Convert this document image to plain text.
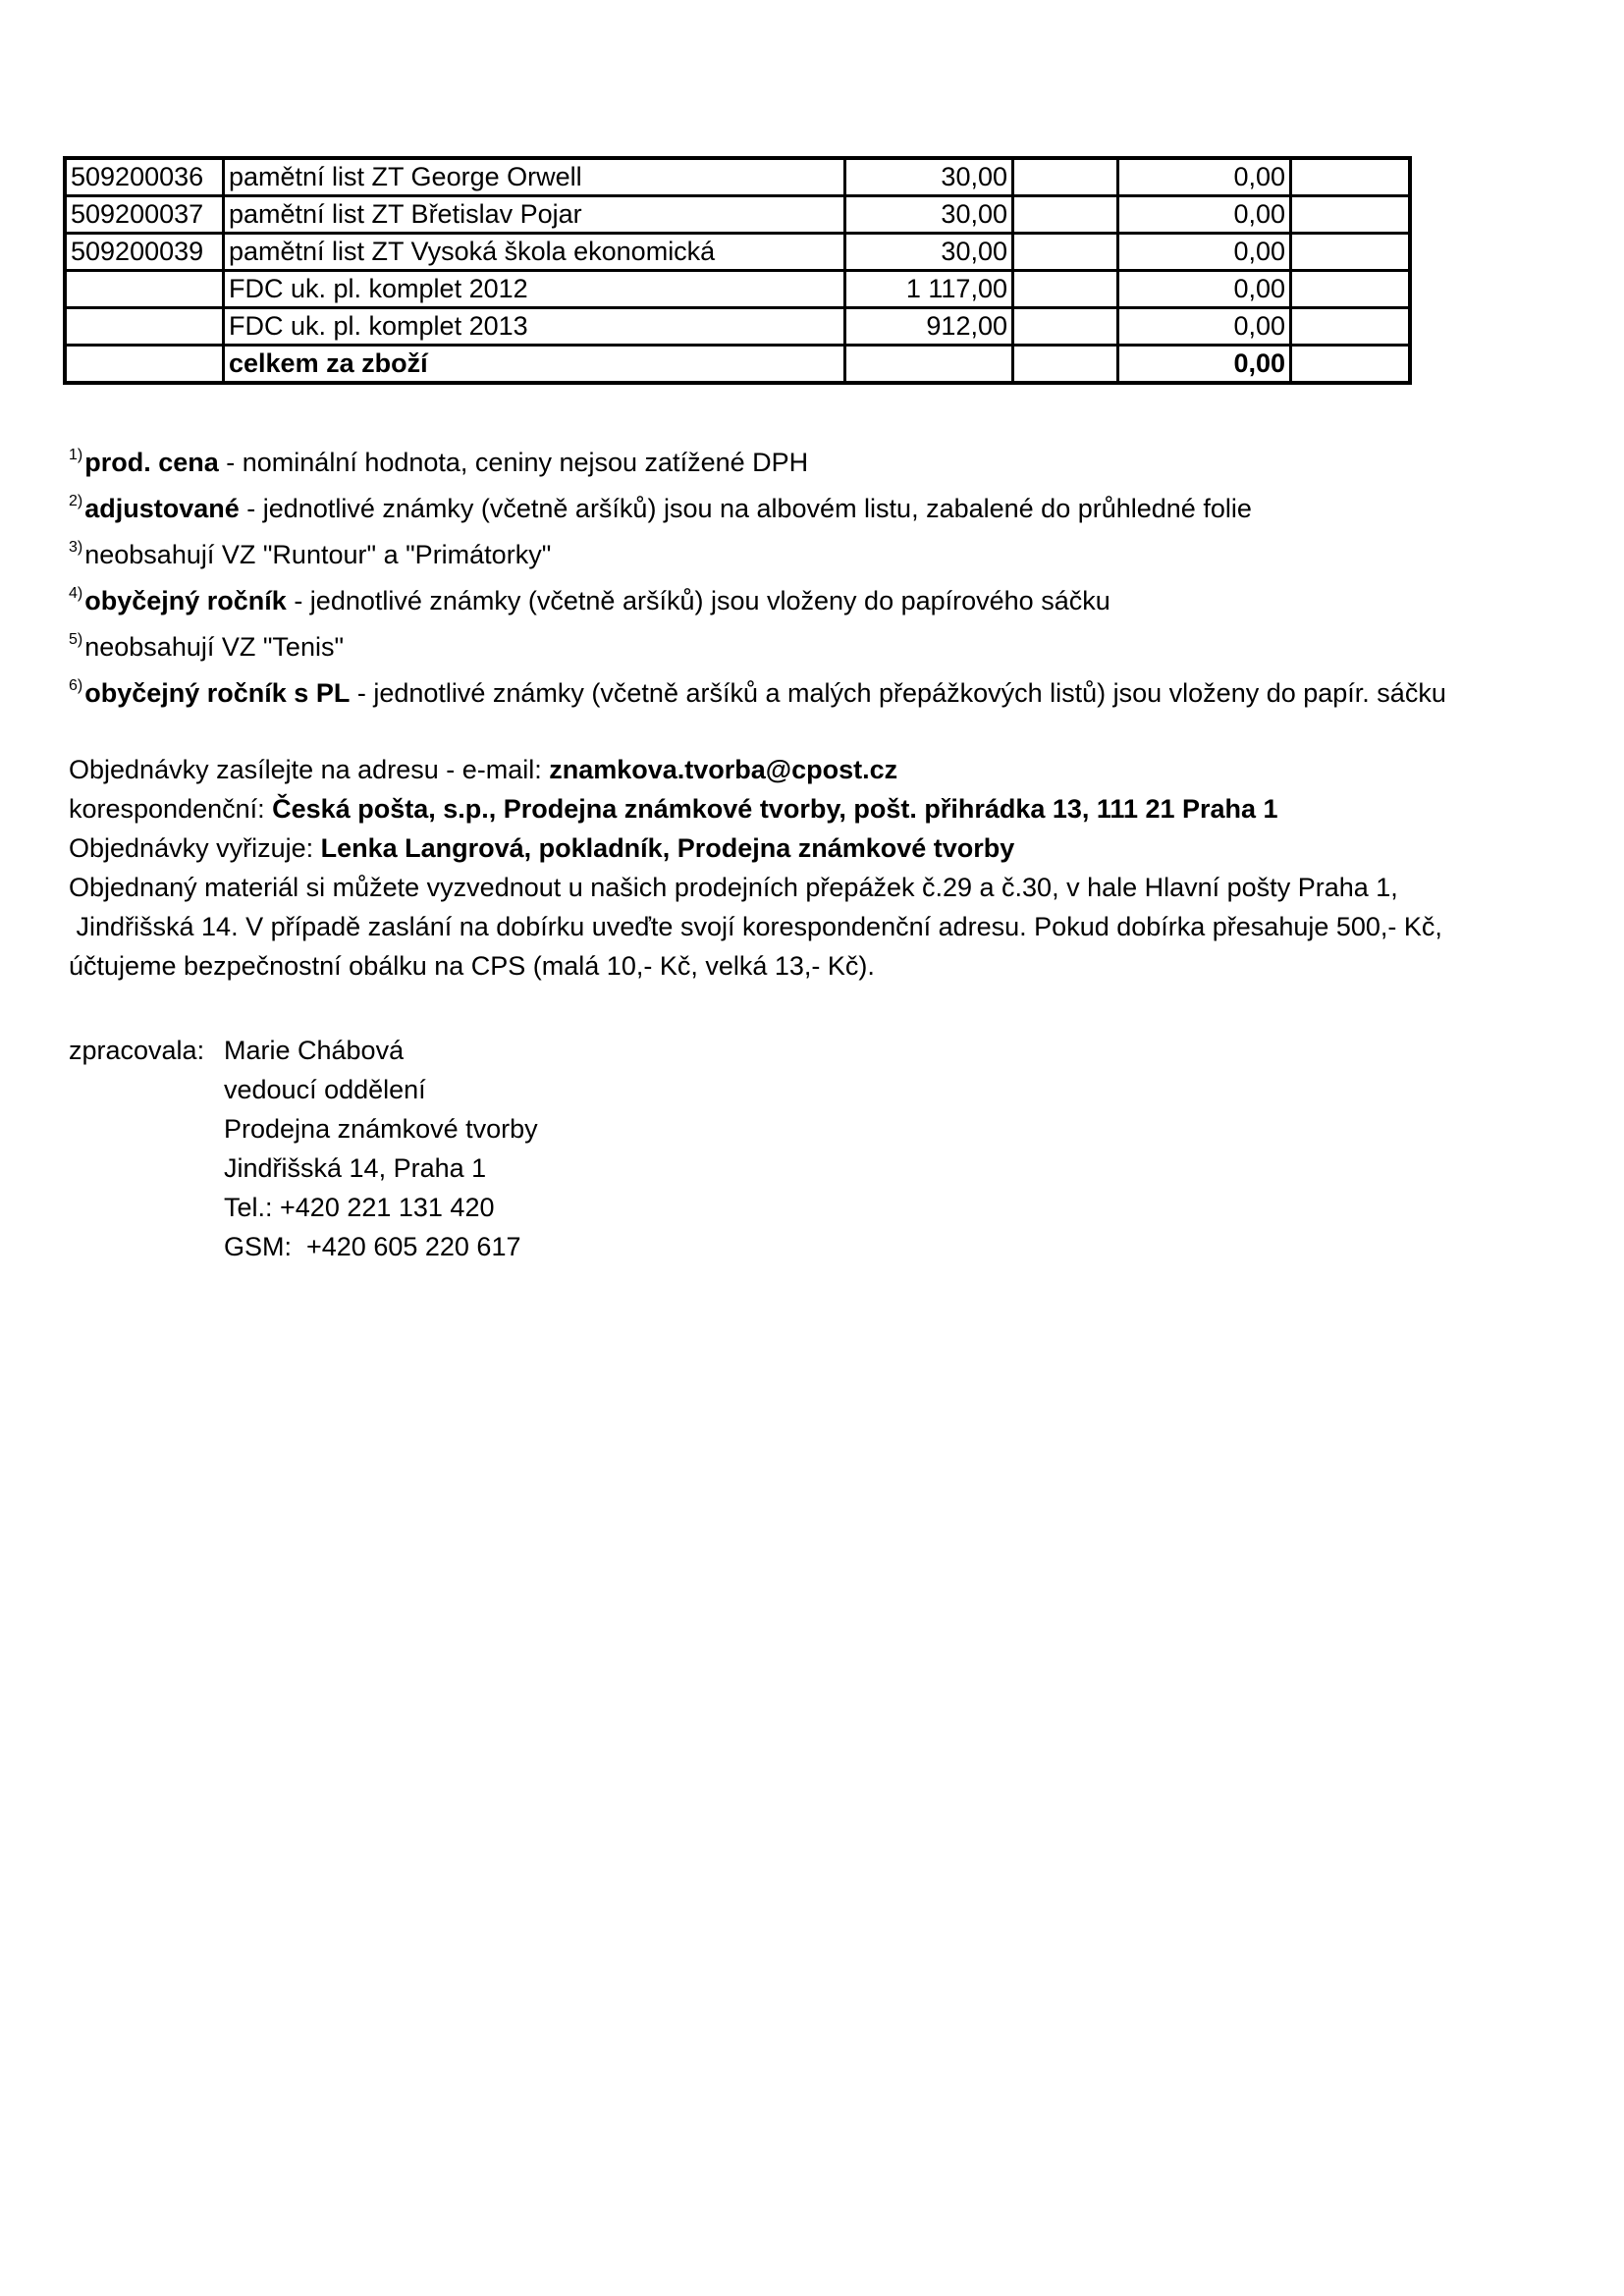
509200036	pamětní list ZT George Orwell	30,00		0,00	
509200037	pamětní list ZT Břetislav Pojar	30,00		0,00	
509200039	pamětní list ZT Vysoká škola ekonomická	30,00		0,00	
	FDC uk. pl. komplet 2012	1 117,00		0,00	
	FDC uk. pl. komplet 2013	912,00		0,00	
	celkem za zboží			0,00	
$^{1)}$prod. cena - nominální hodnota, ceniny nejsou zatížené DPH
$^{2)}$adjustované - jednotlivé známky (včetně aršíků) jsou na albovém listu, zabalené do průhledné folie
$^{3)}$neobsahují VZ "Runtour" a "Primátorky"
$^{4)}$obyčejný ročník - jednotlivé známky (včetně aršíků) jsou vloženy do papírového sáčku
$^{5)}$neobsahují VZ "Tenis"
$^{6)}$obyčejný ročník s PL - jednotlivé známky (včetně aršíků a malých přepážkových listů) jsou vloženy do papír. sáčku
Objednávky zasílejte na adresu - e-mail: znamkova.tvorba@cpost.cz
korespondenční: Česká pošta, s.p., Prodejna známkové tvorby, pošt. přihrádka 13, 111 21 Praha 1
Objednávky vyřizuje: Lenka Langrová, pokladník, Prodejna známkové tvorby
Objednaný materiál si můžete vyzvednout u našich prodejních přepážek č.29 a č.30, v hale Hlavní pošty Praha 1,
Jindřišská 14. V případě zaslání na dobírku uveďte svojí korespondenční adresu. Pokud dobírka přesahuje 500,- Kč,
účtujeme bezpečnostní obálku na CPS (malá 10,- Kč, velká 13,- Kč).
zpracovala: Marie Chábová
vedoucí oddělení
Prodejna známkové tvorby
Jindřišská 14, Praha 1
Tel.: +420 221 131 420
GSM:  +420 605 220 617
